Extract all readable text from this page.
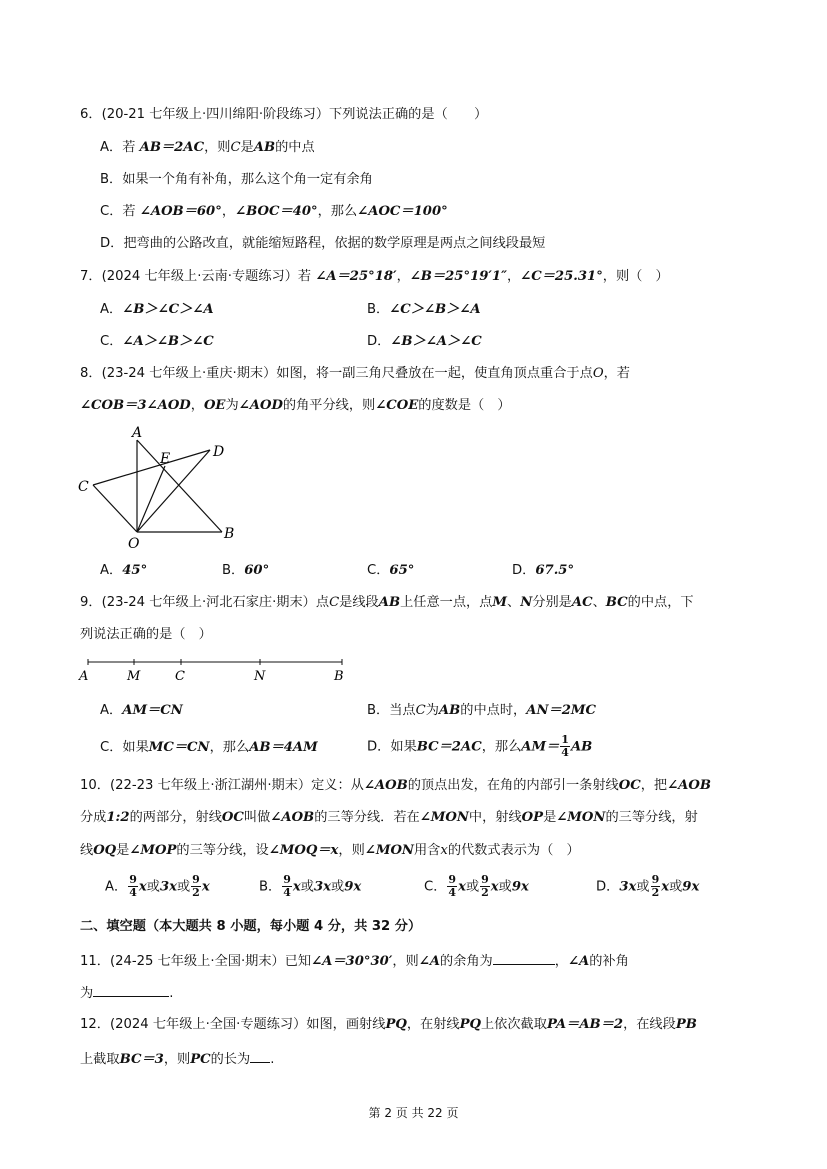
6．(20-21 七年级上·四川绵阳·阶段练习）下列说法正确的是（　　）
A．若 AB＝2AC，则C是AB的中点
B．如果一个角有补角，那么这个角一定有余角
C．若 ∠AOB＝60°，∠BOC＝40°，那么∠AOC＝100°
D．把弯曲的公路改直，就能缩短路程，依据的数学原理是两点之间线段最短
7．(2024 七年级上·云南·专题练习）若 ∠A＝25°18′，∠B＝25°19′1″，∠C＝25.31°，则（　）
A．∠B＞∠C＞∠A	B．∠C＞∠B＞∠A
C．∠A＞∠B＞∠C	D．∠B＞∠A＞∠C
8．(23-24 七年级上·重庆·期末）如图，将一副三角尺叠放在一起，使直角顶点重合于点O，若
∠COB＝3∠AOD，OE为∠AOD的角平分线，则∠COE的度数是（　）
A
E	D
C
O
B
A．45°	B．60°	C．65°	D．67.5°
9．(23-24 七年级上·河北石家庄·期末）点C是线段AB上任意一点，点M、N分别是AC、BC的中点，下
列说法正确的是（　）
A	M	C	N	B
A．AM＝CN	B．当点C为AB的中点时，AN＝2MC
C．如果MC＝CN，那么AB＝4AM	D．如果BC＝2AC，那么$AM= \frac{1}{4}$ AB
10．(22-23 七年级上·浙江湖州·期末）定义：从∠AOB的顶点出发，在角的内部引一条射线OC，把∠AOB
分成1:2的两部分，射线OC叫做∠AOB的三等分线．若在∠MON中，射线OP是∠MON的三等分线，射
线OQ是∠MOP的三等分线，设∠MOQ＝x，则∠MON用含x的代数式表示为（　）
A． $\frac{9}{4}$ x或3x或 $\frac{9}{2}$ x	B． $\frac{9}{4}$ x或3x或9x	C． $\frac{9}{4}$ x或 $\frac{9}{2}$ x或9x	D．3x或 $\frac{9}{2}$ x或9x
二、填空题（本大题共 8 小题，每小题 4 分，共 32 分）
11．(24-25 七年级上·全国·期末）已知∠A＝30°30′，则∠A的余角为	，∠A的补角
为	.
12．(2024 七年级上·全国·专题练习）如图，画射线PQ，在射线PQ上依次截取PA＝AB＝2，在线段PB
上截取BC＝3，则PC的长为 .
第 2 页 共 22 页
